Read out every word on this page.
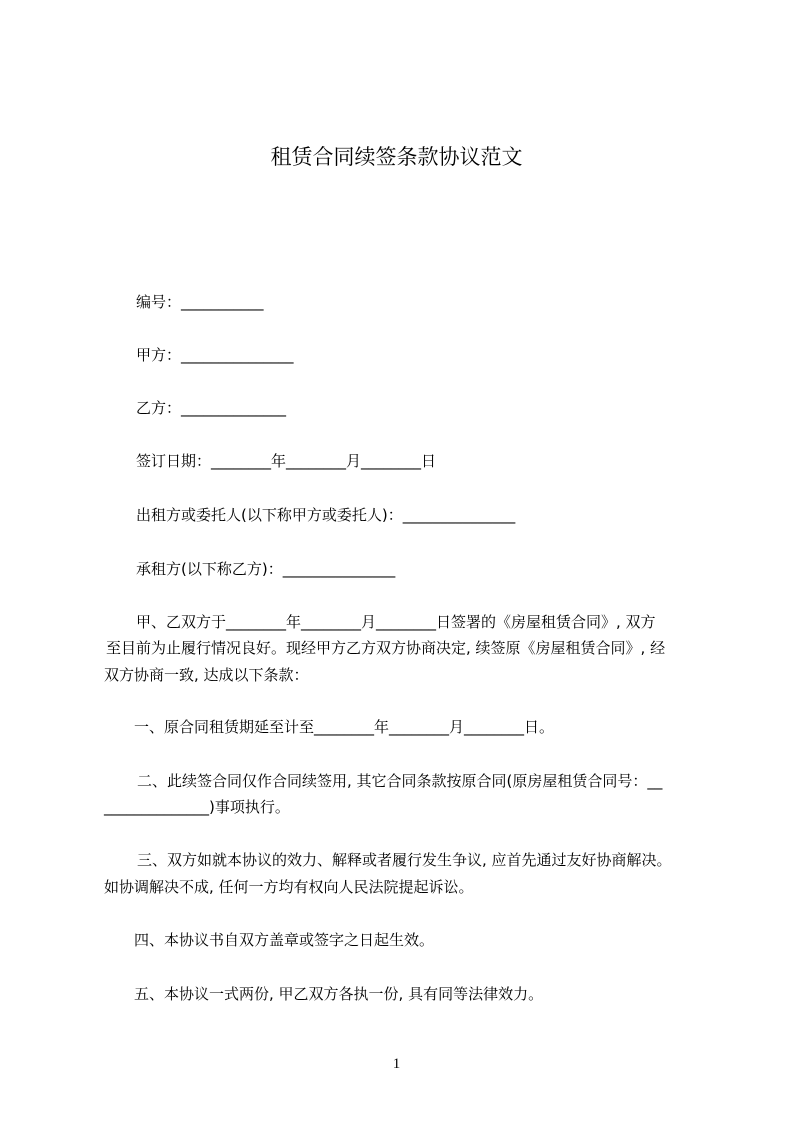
租赁合同续签条款协议范文
编号：___________
甲方：_______________
乙方：______________
签订日期：________年________月________日
出租方或委托人(以下称甲方或委托人)：_______________
承租方(以下称乙方)：_______________
甲、乙双方于________年________月________日签署的《房屋租赁合同》, 双方
至目前为止履行情况良好。现经甲方乙方双方协商决定, 续签原《房屋租赁合同》, 经
双方协商一致, 达成以下条款：
一、原合同租赁期延至计至________年________月________日。
二、此续签合同仅作合同续签用, 其它合同条款按原合同(原房屋租赁合同号：__
______________)事项执行。
三、双方如就本协议的效力、解释或者履行发生争议, 应首先通过友好协商解决。
如协调解决不成, 任何一方均有权向人民法院提起诉讼。
四、本协议书自双方盖章或签字之日起生效。
五、本协议一式两份, 甲乙双方各执一份, 具有同等法律效力。
1
